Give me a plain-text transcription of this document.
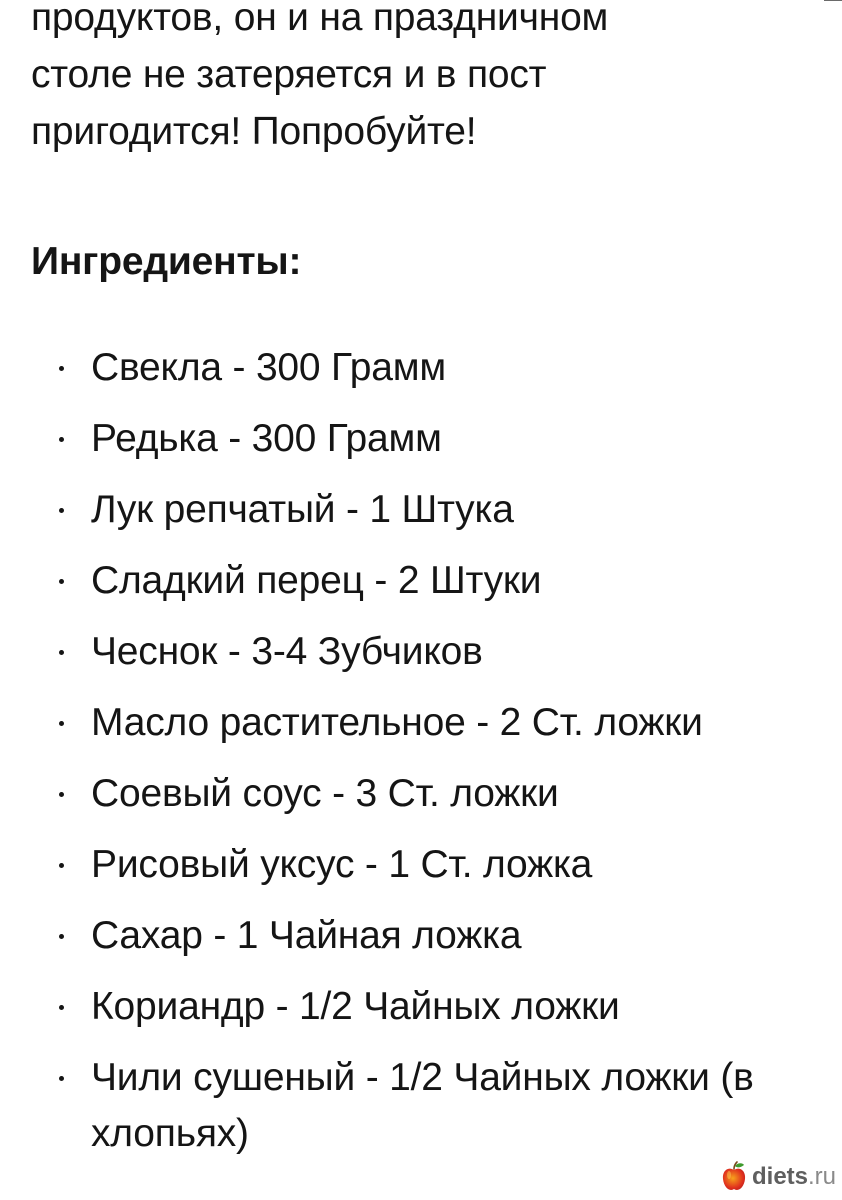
продуктов, он и на праздничном
столе не затеряется и в пост
пригодится! Попробуйте!
Ингредиенты:
Свекла - 300 Грамм
Редька - 300 Грамм
Лук репчатый - 1 Штука
Сладкий перец - 2 Штуки
Чеснок - 3-4 Зубчиков
Масло растительное - 2 Ст. ложки
Соевый соус - 3 Ст. ложки
Рисовый уксус - 1 Ст. ложка
Сахар - 1 Чайная ложка
Кориандр - 1/2 Чайных ложки
Чили сушеный - 1/2 Чайных ложки (в хлопьях)
diets.ru
